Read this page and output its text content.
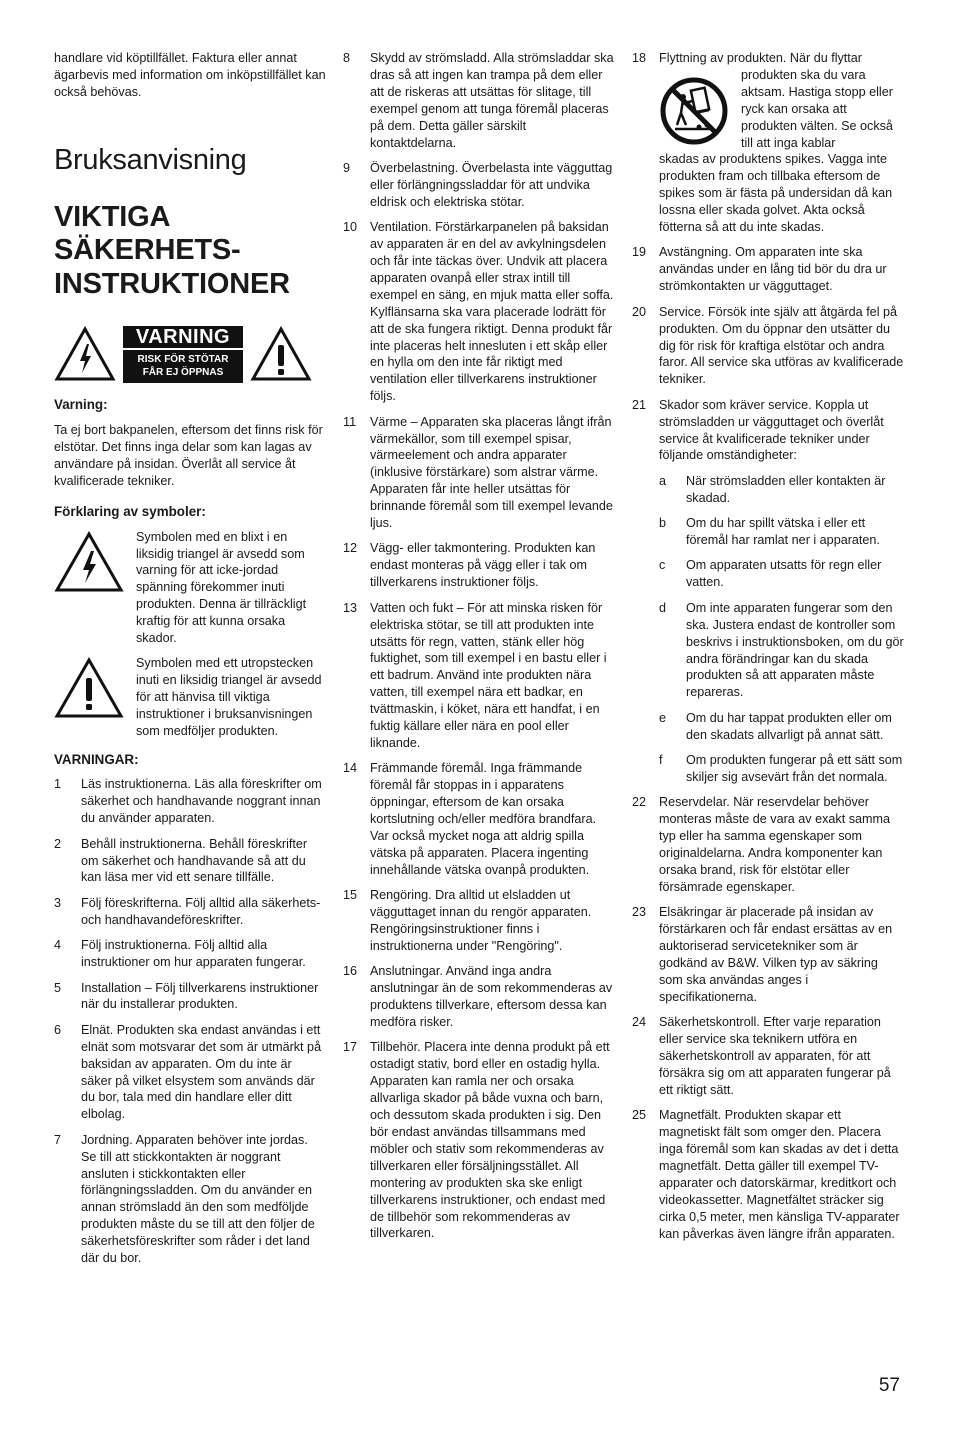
handlare vid köptillfället. Faktura eller annat ägarbevis med information om inköpstillfället kan också behövas.

Bruksanvisning
VIKTIGA
SÄKERHETS-
INSTRUKTIONER
VARNING
RISK FÖR STÖTAR
FÅR EJ ÖPPNAS
Varning:

Ta ej bort bakpanelen, eftersom det finns risk för elstötar. Det finns inga delar som kan lagas av användare på insidan. Överlåt all service åt kvalificerade tekniker.

Förklaring av symboler:

Symbolen med en blixt i en liksidig triangel är avsedd som varning för att icke-jordad spänning förekommer inuti produkten. Denna är tillräckligt kraftig för att kunna orsaka skador.

Symbolen med ett utropstecken inuti en liksidig triangel är avsedd för att hänvisa till viktiga instruktioner i bruksanvisningen som medföljer produkten.

VARNINGAR:
1	Läs instruktionerna. Läs alla föreskrifter om säkerhet och handhavande noggrant innan du använder apparaten.
2	Behåll instruktionerna. Behåll föreskrifter om säkerhet och handhavande så att du kan läsa mer vid ett senare tillfälle.
3	Följ föreskrifterna. Följ alltid alla säkerhets- och handhavandeföreskrifter.
4	Följ instruktionerna. Följ alltid alla instruktioner om hur apparaten fungerar.
5	Installation – Följ tillverkarens instruktioner när du installerar produkten.
6	Elnät. Produkten ska endast användas i ett elnät som motsvarar det som är utmärkt på baksidan av apparaten. Om du inte är säker på vilket elsystem som används där du bor, tala med din handlare eller ditt elbolag.
7	Jordning. Apparaten behöver inte jordas. Se till att stickkontakten är noggrant ansluten i stickkontakten eller förlängningssladden. Om du använder en annan strömsladd än den som medföljde produkten måste du se till att den följer de säkerhetsföreskrifter som råder i det land där du bor.
8	Skydd av strömsladd. Alla strömsladdar ska dras så att ingen kan trampa på dem eller att de riskeras att utsättas för slitage, till exempel genom att tunga föremål placeras på dem. Detta gäller särskilt kontaktdelarna.
9	Överbelastning. Överbelasta inte vägguttag eller förlängningssladdar för att undvika eldrisk och elektriska stötar.
10	Ventilation. Förstärkarpanelen på baksidan av apparaten är en del av avkylningsdelen och får inte täckas över. Undvik att placera apparaten ovanpå eller strax intill till exempel en säng, en mjuk matta eller soffa. Kylflänsarna ska vara placerade lodrätt för att de ska fungera riktigt. Denna produkt får inte placeras helt innesluten i ett skåp eller en hylla om den inte får riktigt med ventilation eller tillverkarens instruktioner följs.
11	Värme – Apparaten ska placeras långt ifrån värmekällor, som till exempel spisar, värmeelement och andra apparater (inklusive förstärkare) som alstrar värme. Apparaten får inte heller utsättas för brinnande föremål som till exempel levande ljus.
12	Vägg- eller takmontering. Produkten kan endast monteras på vägg eller i tak om tillverkarens instruktioner följs.
13	Vatten och fukt – För att minska risken för elektriska stötar, se till att produkten inte utsätts för regn, vatten, stänk eller hög fuktighet, som till exempel i en bastu eller i ett badrum. Använd inte produkten nära vatten, till exempel nära ett badkar, en tvättmaskin, i köket, nära ett handfat, i en fuktig källare eller nära en pool eller liknande.
14	Främmande föremål. Inga främmande föremål får stoppas in i apparatens öppningar, eftersom de kan orsaka kortslutning och/eller medföra brandfara. Var också mycket noga att aldrig spilla vätska på apparaten. Placera ingenting innehållande vätska ovanpå produkten.
15	Rengöring. Dra alltid ut elsladden ut vägguttaget innan du rengör apparaten. Rengöringsinstruktioner finns i instruktionerna under "Rengöring".
16	Anslutningar. Använd inga andra anslutningar än de som rekommenderas av produktens tillverkare, eftersom dessa kan medföra risker.
17	Tillbehör. Placera inte denna produkt på ett ostadigt stativ, bord eller en ostadig hylla. Apparaten kan ramla ner och orsaka allvarliga skador på både vuxna och barn, och dessutom skada produkten i sig. Den bör endast användas tillsammans med möbler och stativ som rekommenderas av tillverkaren eller försäljningsstället. All montering av produkten ska ske enligt tillverkarens instruktioner, och endast med de tillbehör som rekommenderas av tillverkaren.
18	Flyttning av produkten. När du flyttar
produkten ska du vara aktsam. Hastiga stopp eller ryck kan orsaka att produkten välten. Se också till att inga kablar
skadas av produktens spikes. Vagga inte produkten fram och tillbaka eftersom de spikes som är fästa på undersidan då kan lossna eller skada golvet. Akta också fötterna så att du inte skadas.
19	Avstängning. Om apparaten inte ska användas under en lång tid bör du dra ur strömkontakten ur vägguttaget.
20	Service. Försök inte själv att åtgärda fel på produkten. Om du öppnar den utsätter du dig för risk för kraftiga elstötar och andra faror. All service ska utföras av kvalificerade tekniker.
21	Skador som kräver service. Koppla ut strömsladden ur vägguttaget och överlåt service åt kvalificerade tekniker under följande omständigheter:
a	När strömsladden eller kontakten är skadad.
b	Om du har spillt vätska i eller ett föremål har ramlat ner i apparaten.
c	Om apparaten utsatts för regn eller vatten.
d	Om inte apparaten fungerar som den ska. Justera endast de kontroller som beskrivs i instruktionsboken, om du gör andra förändringar kan du skada produkten så att apparaten måste repareras.
e	Om du har tappat produkten eller om den skadats allvarligt på annat sätt.
f	Om produkten fungerar på ett sätt som skiljer sig avsevärt från det normala.
22	Reservdelar. När reservdelar behöver monteras måste de vara av exakt samma typ eller ha samma egenskaper som originaldelarna. Andra komponenter kan orsaka brand, risk för elstötar eller försämrade egenskaper.
23	Elsäkringar är placerade på insidan av förstärkaren och får endast ersättas av en auktoriserad servicetekniker som är godkänd av B&W. Vilken typ av säkring som ska användas anges i specifikationerna.
24	Säkerhetskontroll. Efter varje reparation eller service ska teknikern utföra en säkerhetskontroll av apparaten, för att försäkra sig om att apparaten fungerar på ett riktigt sätt.
25	Magnetfält. Produkten skapar ett magnetiskt fält som omger den. Placera inga föremål som kan skadas av det i detta magnetfält. Detta gäller till exempel TV-apparater och datorskärmar, kreditkort och videokassetter. Magnetfältet sträcker sig cirka 0,5 meter, men känsliga TV-apparater kan påverkas även längre ifrån apparaten.
57
